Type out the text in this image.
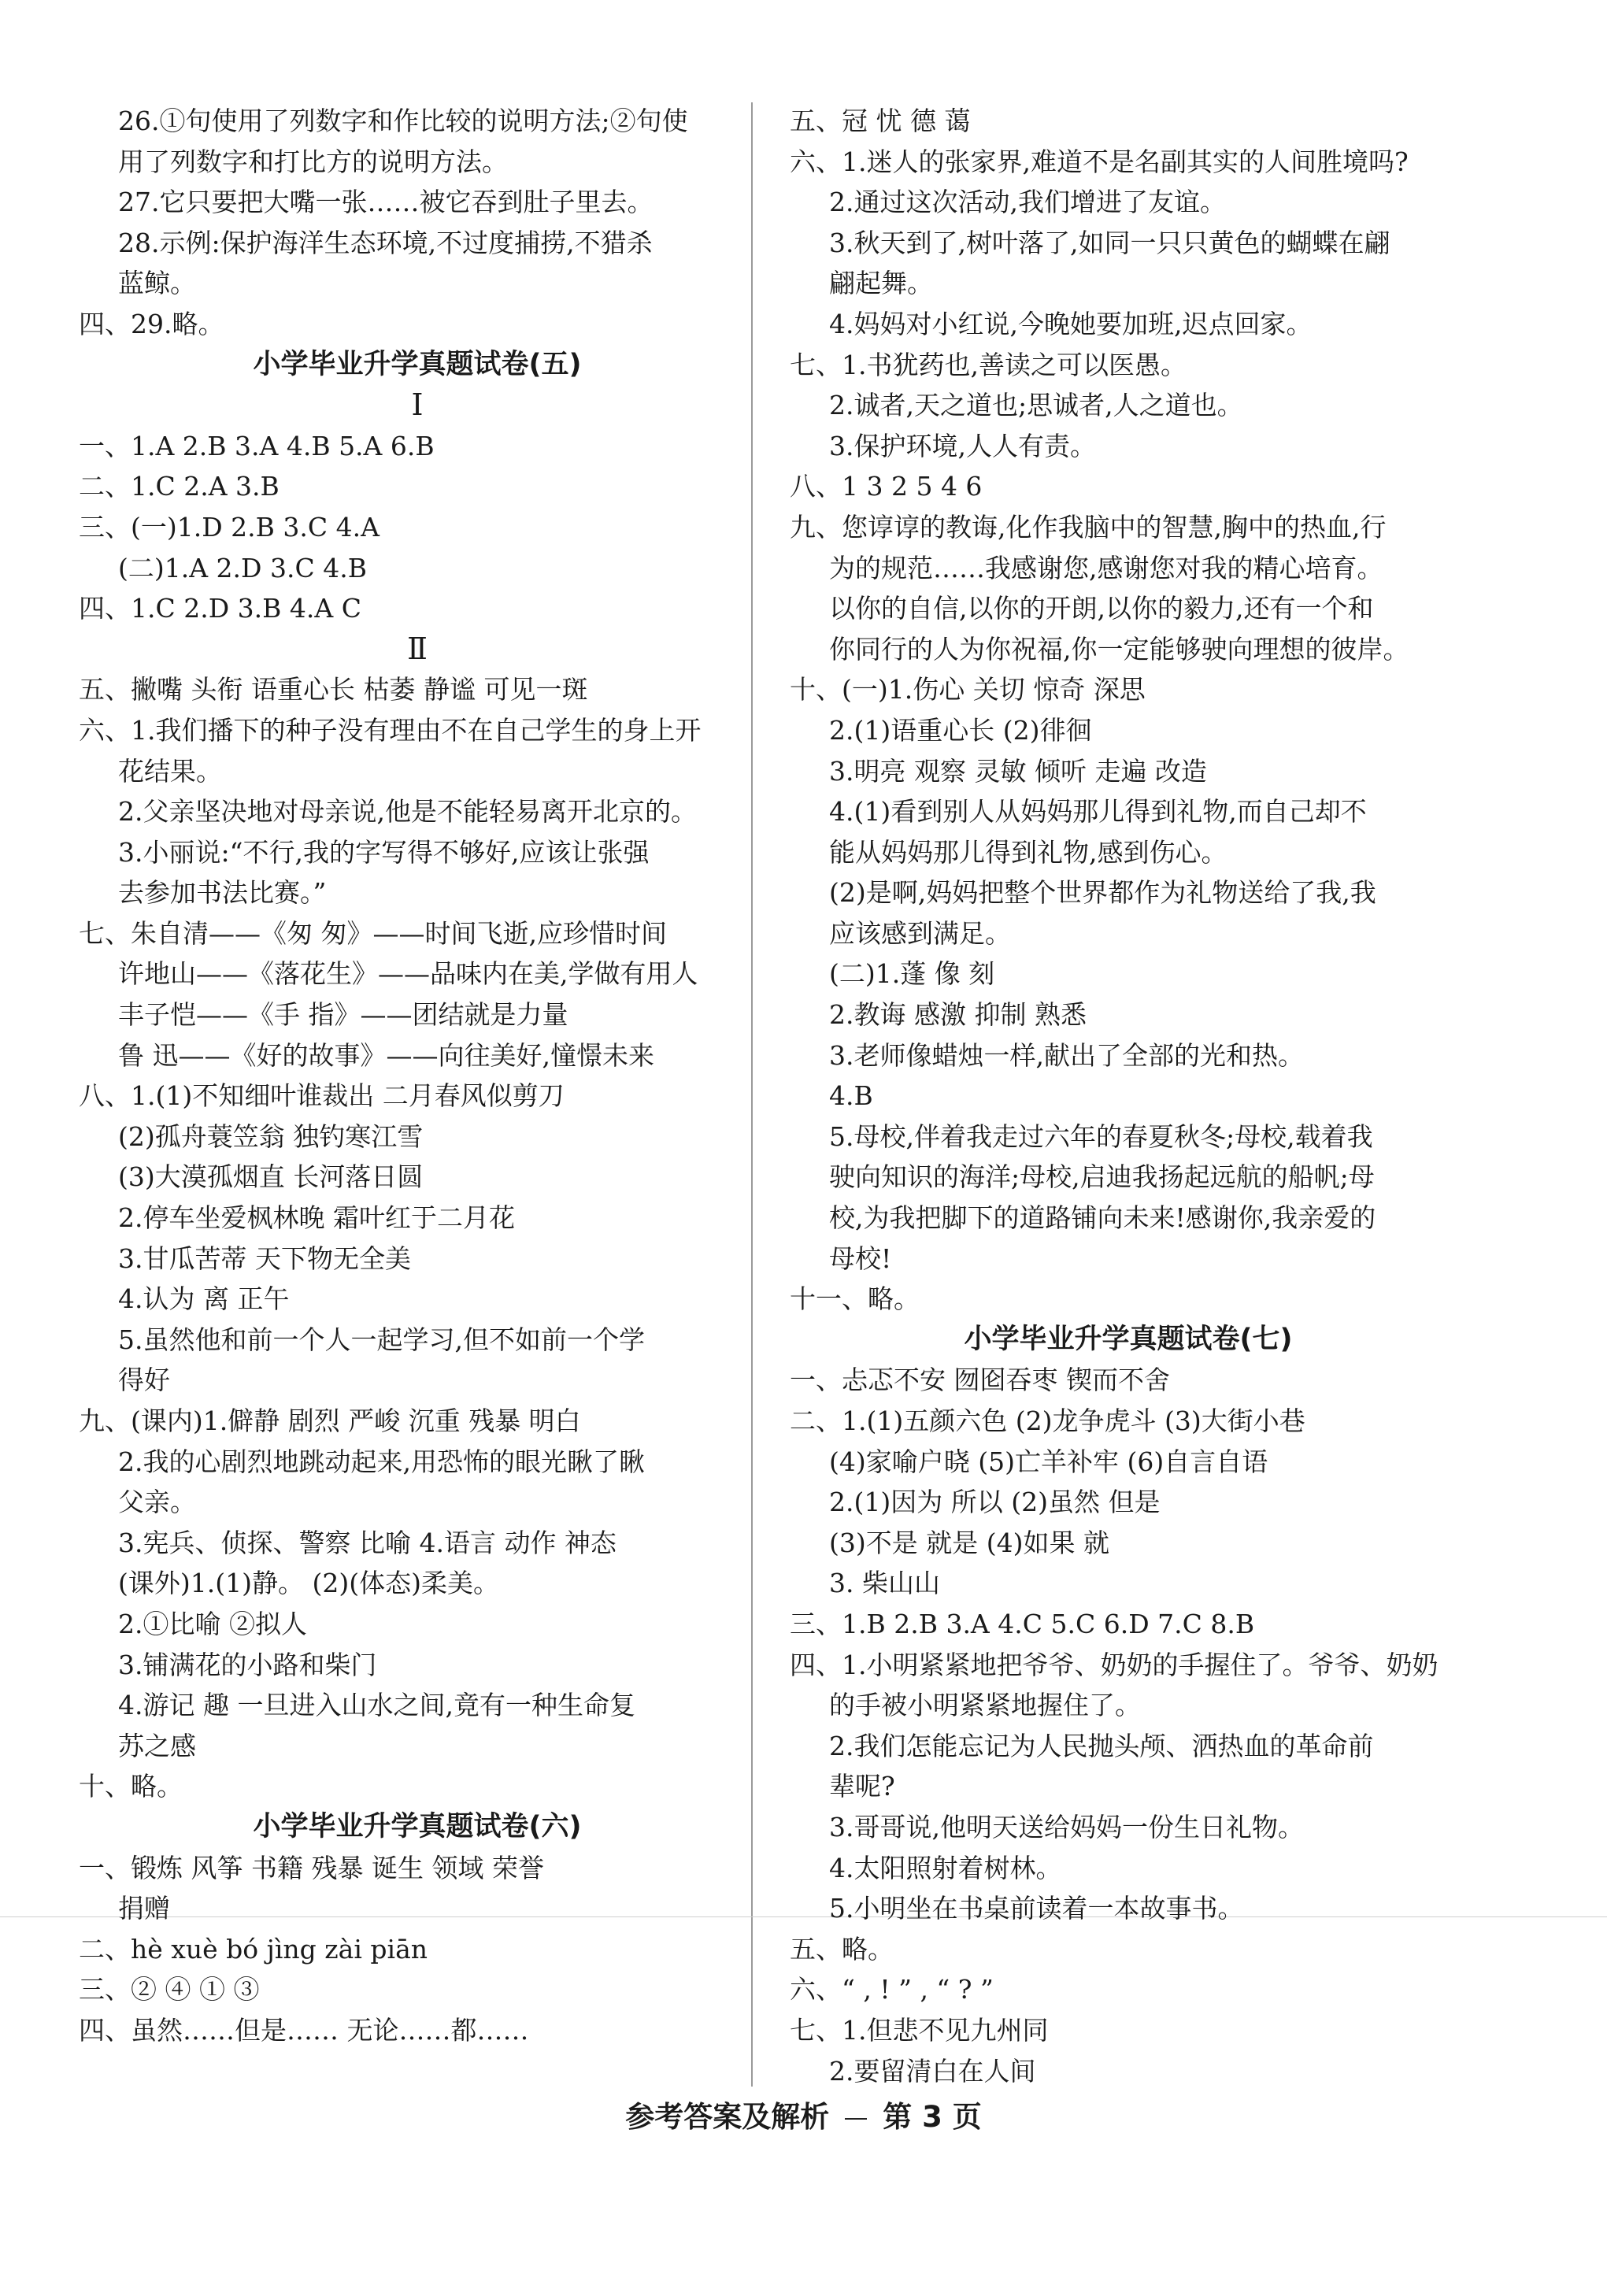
26.①句使用了列数字和作比较的说明方法;②句使
用了列数字和打比方的说明方法。
27.它只要把大嘴一张……被它吞到肚子里去。
28.示例:保护海洋生态环境,不过度捕捞,不猎杀
蓝鲸。
四、29.略。
小学毕业升学真题试卷(五)
Ⅰ
一、1.A 2.B 3.A 4.B 5.A 6.B
二、1.C 2.A 3.B
三、(一)1.D 2.B 3.C 4.A
(二)1.A 2.D 3.C 4.B
四、1.C 2.D 3.B 4.A C
Ⅱ
五、撇嘴 头衔 语重心长 枯萎 静谧 可见一斑
六、1.我们播下的种子没有理由不在自己学生的身上开
花结果。
2.父亲坚决地对母亲说,他是不能轻易离开北京的。
3.小丽说:“不行,我的字写得不够好,应该让张强
去参加书法比赛。”
七、朱自清——《匆 匆》——时间飞逝,应珍惜时间
许地山——《落花生》——品味内在美,学做有用人
丰子恺——《手 指》——团结就是力量
鲁 迅——《好的故事》——向往美好,憧憬未来
八、1.(1)不知细叶谁裁出 二月春风似剪刀
(2)孤舟蓑笠翁 独钓寒江雪
(3)大漠孤烟直 长河落日圆
2.停车坐爱枫林晚 霜叶红于二月花
3.甘瓜苦蒂 天下物无全美
4.认为 离 正午
5.虽然他和前一个人一起学习,但不如前一个学
得好
九、(课内)1.僻静 剧烈 严峻 沉重 残暴 明白
2.我的心剧烈地跳动起来,用恐怖的眼光瞅了瞅
父亲。
3.宪兵、侦探、警察 比喻 4.语言 动作 神态
(课外)1.(1)静。 (2)(体态)柔美。
2.①比喻 ②拟人
3.铺满花的小路和柴门
4.游记 趣 一旦进入山水之间,竟有一种生命复
苏之感
十、略。
小学毕业升学真题试卷(六)
一、锻炼 风筝 书籍 残暴 诞生 领域 荣誉
捐赠
二、hè xuè bó jìng zài piān
三、② ④ ① ③
四、虽然……但是…… 无论……都……
五、冠 忧 德 蔼
六、1.迷人的张家界,难道不是名副其实的人间胜境吗?
2.通过这次活动,我们增进了友谊。
3.秋天到了,树叶落了,如同一只只黄色的蝴蝶在翩
翩起舞。
4.妈妈对小红说,今晚她要加班,迟点回家。
七、1.书犹药也,善读之可以医愚。
2.诚者,天之道也;思诚者,人之道也。
3.保护环境,人人有责。
八、1 3 2 5 4 6
九、您谆谆的教诲,化作我脑中的智慧,胸中的热血,行
为的规范……我感谢您,感谢您对我的精心培育。
以你的自信,以你的开朗,以你的毅力,还有一个和
你同行的人为你祝福,你一定能够驶向理想的彼岸。
十、(一)1.伤心 关切 惊奇 深思
2.(1)语重心长 (2)徘徊
3.明亮 观察 灵敏 倾听 走遍 改造
4.(1)看到别人从妈妈那儿得到礼物,而自己却不
能从妈妈那儿得到礼物,感到伤心。
(2)是啊,妈妈把整个世界都作为礼物送给了我,我
应该感到满足。
(二)1.蓬 像 刻
2.教诲 感激 抑制 熟悉
3.老师像蜡烛一样,献出了全部的光和热。
4.B
5.母校,伴着我走过六年的春夏秋冬;母校,载着我
驶向知识的海洋;母校,启迪我扬起远航的船帆;母
校,为我把脚下的道路铺向未来!感谢你,我亲爱的
母校!
十一、略。
小学毕业升学真题试卷(七)
一、忐忑不安 囫囵吞枣 锲而不舍
二、1.(1)五颜六色 (2)龙争虎斗 (3)大街小巷
(4)家喻户晓 (5)亡羊补牢 (6)自言自语
2.(1)因为 所以 (2)虽然 但是
(3)不是 就是 (4)如果 就
3. 柴山山
三、1.B 2.B 3.A 4.C 5.C 6.D 7.C 8.B
四、1.小明紧紧地把爷爷、奶奶的手握住了。爷爷、奶奶
的手被小明紧紧地握住了。
2.我们怎能忘记为人民抛头颅、洒热血的革命前
辈呢?
3.哥哥说,他明天送给妈妈一份生日礼物。
4.太阳照射着树林。
5.小明坐在书桌前读着一本故事书。
五、略。
六、“ , ! ” , “ ? ”
七、1.但悲不见九州同
2.要留清白在人间
参考答案及解析 第 3 页
